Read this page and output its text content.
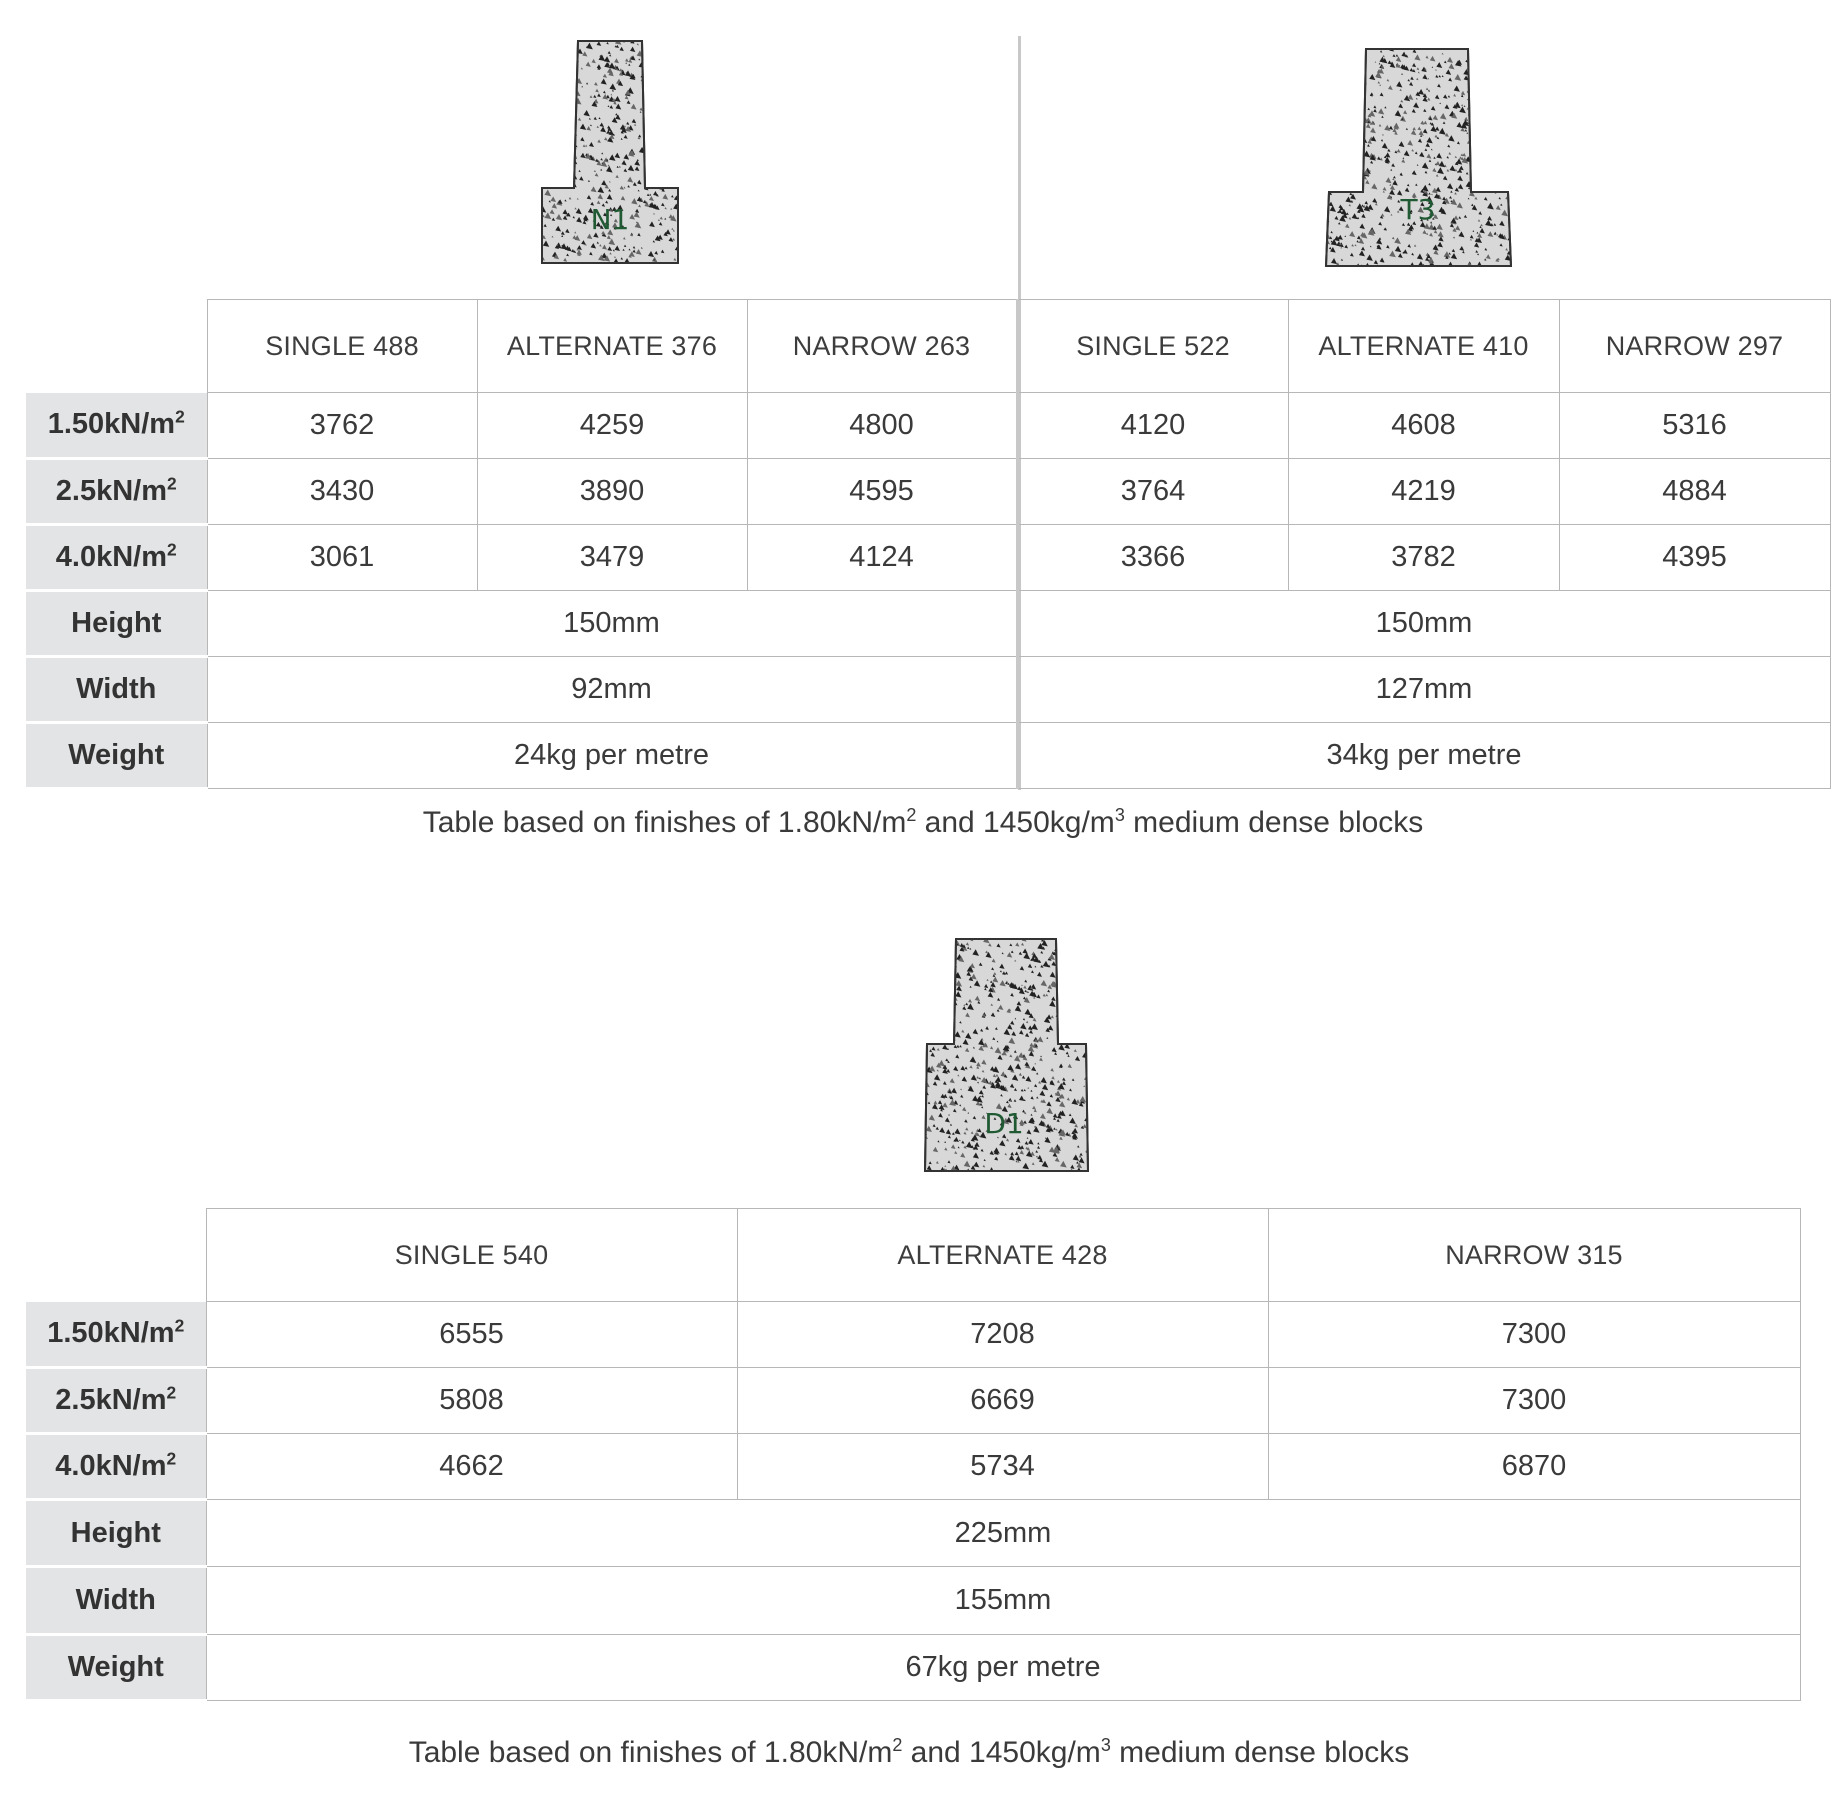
N1	T3
D1
	SINGLE 488	ALTERNATE 376	NARROW 263	SINGLE 522	ALTERNATE 410	NARROW 297
$1.50kN/m^2$	3762	4259	4800	4120	4608	5316
$2.5kN/m^2$	3430	3890	4595	3764	4219	4884
$4.0kN/m^2$	3061	3479	4124	3366	3782	4395
Height	150mm			150mm		
Width	92mm			127mm		
Weight	24kg per metre			34kg per metre		
Table based on finishes of $1.80kN/m^2$ and $1450kg/m^3$ medium dense blocks
	SINGLE 540	ALTERNATE 428	NARROW 315
$1.50kN/m^2$	6555	7208	7300
$2.5kN/m^2$	5808	6669	7300
$4.0kN/m^2$	4662	5734	6870
Height	225mm		
Width	155mm		
Weight	67kg per metre		
Table based on finishes of $1.80kN/m^2$ and $1450kg/m^3$ medium dense blocks
